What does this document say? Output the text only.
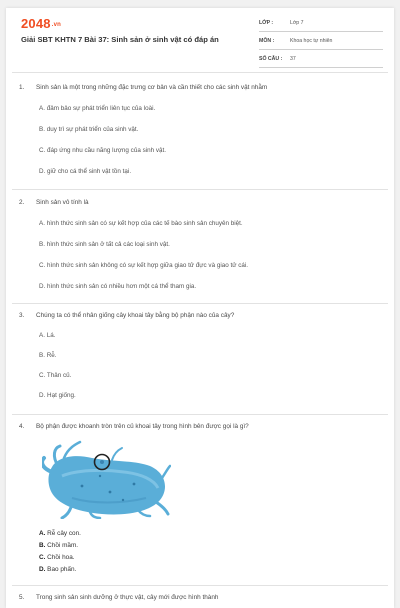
2048.vn
Giải SBT KHTN 7 Bài 37: Sinh sản ở sinh vật có đáp án
LỚP :	Lớp 7
MÔN :	Khoa học tự nhiên
SỐ CÂU : 37
1. Sinh sản là một trong những đặc trưng cơ bản và cần thiết cho các sinh vật nhằm
A. đảm bảo sự phát triển liên tục của loài.
B. duy trì sự phát triển của sinh vật.
C. đáp ứng nhu cầu năng lượng của sinh vật.
D. giữ cho cá thể sinh vật tồn tại.
2. Sinh sản vô tính là
A. hình thức sinh sản có sự kết hợp của các tế bào sinh sản chuyên biệt.
B. hình thức sinh sản ở tất cả các loại sinh vật.
C. hình thức sinh sản không có sự kết hợp giữa giao tử đực và giao tử cái.
D. hình thức sinh sản có nhiều hơn một cá thể tham gia.
3. Chúng ta có thể nhân giống cây khoai tây bằng bộ phận nào của cây?
A. Lá.
B. Rễ.
C. Thân củ.
D. Hạt giống.
4. Bộ phận được khoanh tròn trên củ khoai tây trong hình bên được gọi là gì?
A. Rễ cây con.
B. Chồi mầm.
C. Chồi hoa.
D. Bao phấn.
5. Trong sinh sản sinh dưỡng ở thực vật, cây mới được hình thành
